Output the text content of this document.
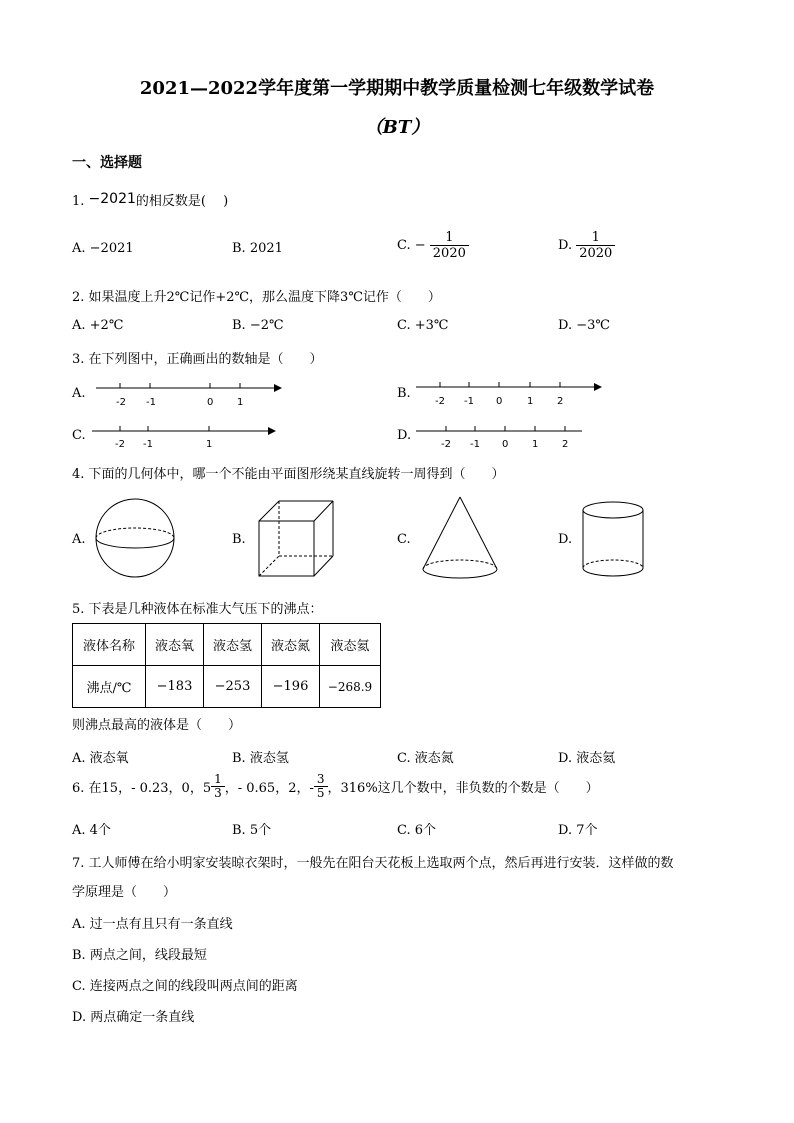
2021—2022学年度第一学期期中教学质量检测七年级数学试卷
（BT）
一、选择题
1. −2021的相反数是(　 )
A. −2021	B. 2021	C. − $\frac{1}{2020}$	D. $\frac{1}{2020}$
2. 如果温度上升2℃记作+2℃，那么温度下降3℃记作（　　）
A. +2℃	B. −2℃	C. +3℃	D. −3℃
3. 在下列图中，正确画出的数轴是（　　）
A.
-2 -1	0 1
B.
-2 -1 0 1 2
C.
-2 -1	1
D.
-2 -1 0 1 2
4. 下面的几何体中，哪一个不能由平面图形绕某直线旋转一周得到（　　）
A.	B.	C.	D.
5. 下表是几种液体在标准大气压下的沸点：
液体名称	液态氧	液态氢	液态氮	液态氦
沸点/℃	−183	−253	−196	−268.9
则沸点最高的液体是（　　）
A. 液态氧	B. 液态氢	C. 液态氮	D. 液态氦
6. 在15，- 0.23，0，$5 \frac{1}{3}$ ，- 0.65，2，- $\frac{3}{5}$ ，316%这几个数中，非负数的个数是（　　）
A. 4个	B. 5个	C. 6个	D. 7个
7. 工人师傅在给小明家安装晾衣架时，一般先在阳台天花板上选取两个点，然后再进行安装．这样做的数
学原理是（　　）
A. 过一点有且只有一条直线
B. 两点之间，线段最短
C. 连接两点之间的线段叫两点间的距离
D. 两点确定一条直线
